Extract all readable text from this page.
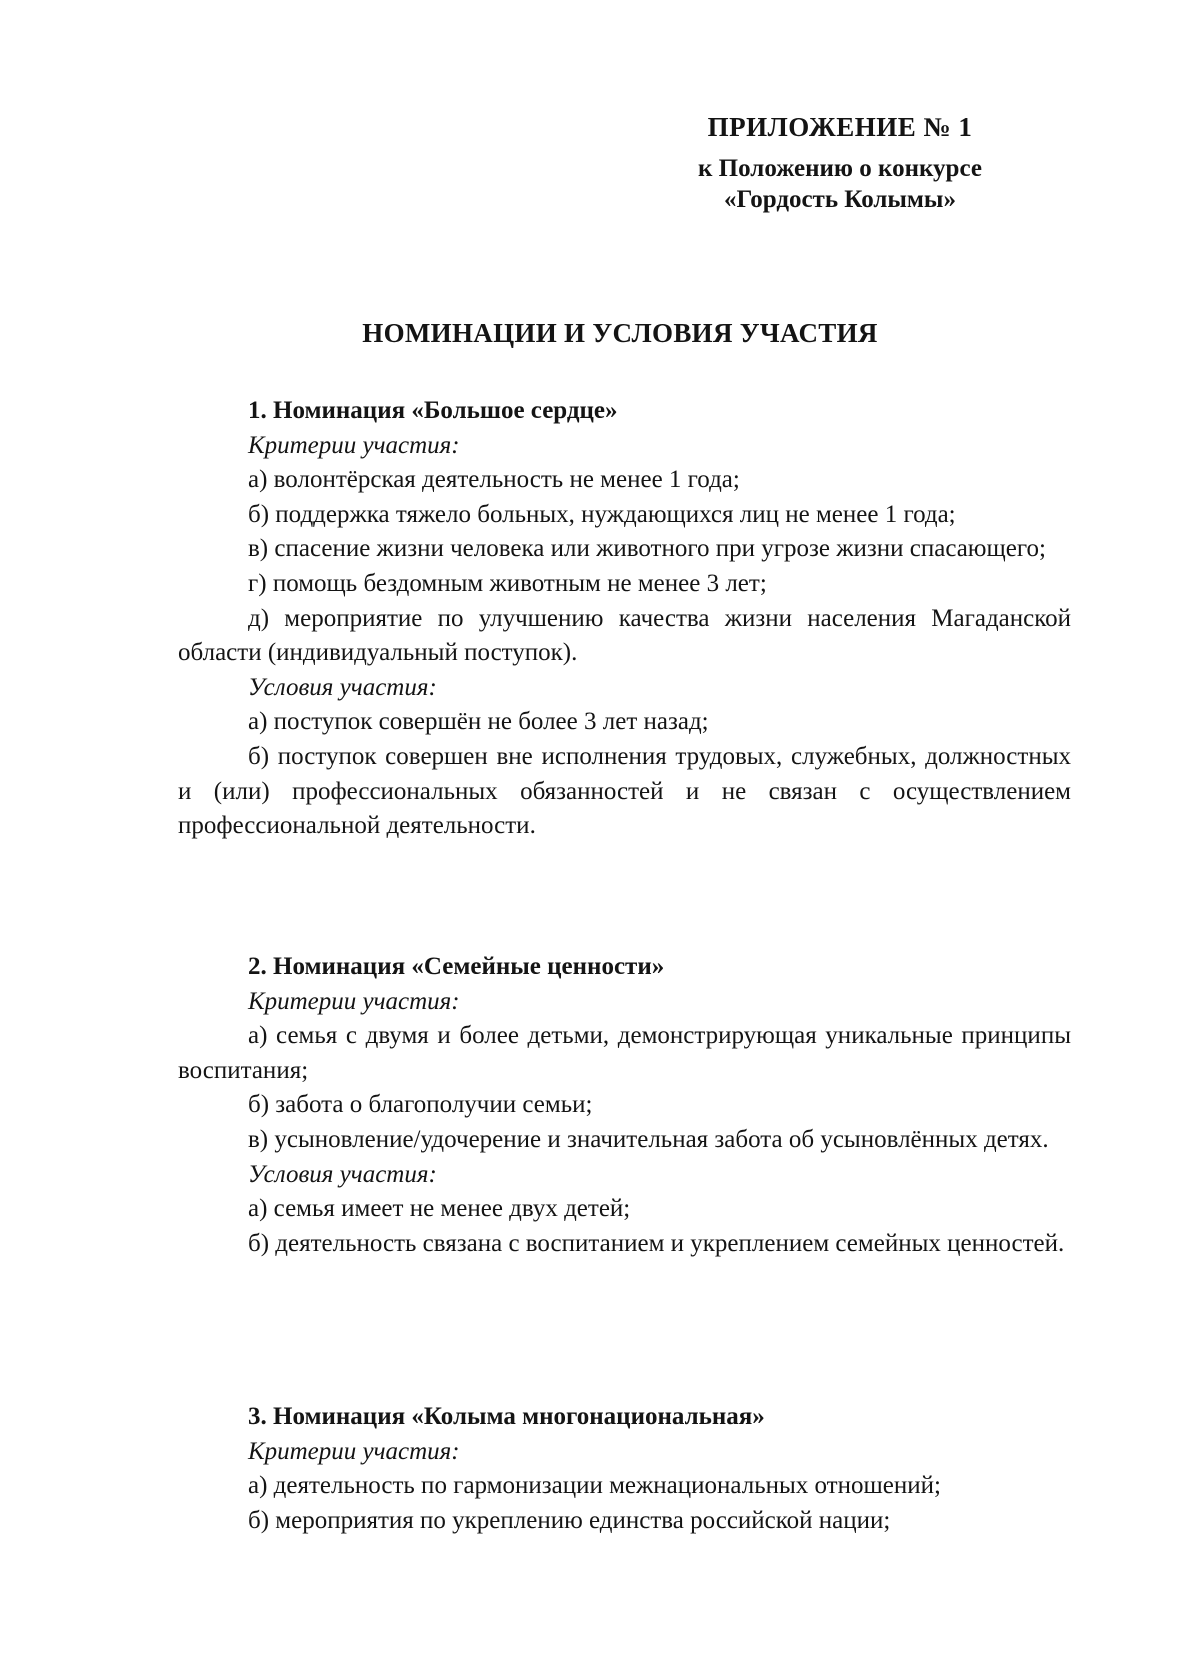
ПРИЛОЖЕНИЕ № 1
к Положению о конкурсе
«Гордость Колымы»
НОМИНАЦИИ И УСЛОВИЯ УЧАСТИЯ

1. Номинация «Большое сердце»

Критерии участия:

а) волонтёрская деятельность не менее 1 года;

б) поддержка тяжело больных, нуждающихся лиц не менее 1 года;

в) спасение жизни человека или животного при угрозе жизни спасающего;

г) помощь бездомным животным не менее 3 лет;

д) мероприятие по улучшению качества жизни населения Магаданской области (индивидуальный поступок).

Условия участия:

а) поступок совершён не более 3 лет назад;

б) поступок совершен вне исполнения трудовых, служебных, должностных и (или) профессиональных обязанностей и не связан с осуществлением профессиональной деятельности.

2. Номинация «Семейные ценности»

Критерии участия:

а) семья с двумя и более детьми, демонстрирующая уникальные принципы воспитания;

б) забота о благополучии семьи;

в) усыновление/удочерение и значительная забота об усыновлённых детях.

Условия участия:

а) семья имеет не менее двух детей;

б) деятельность связана с воспитанием и укреплением семейных ценностей.

3. Номинация «Колыма многонациональная»

Критерии участия:

а) деятельность по гармонизации межнациональных отношений;

б) мероприятия по укреплению единства российской нации;
